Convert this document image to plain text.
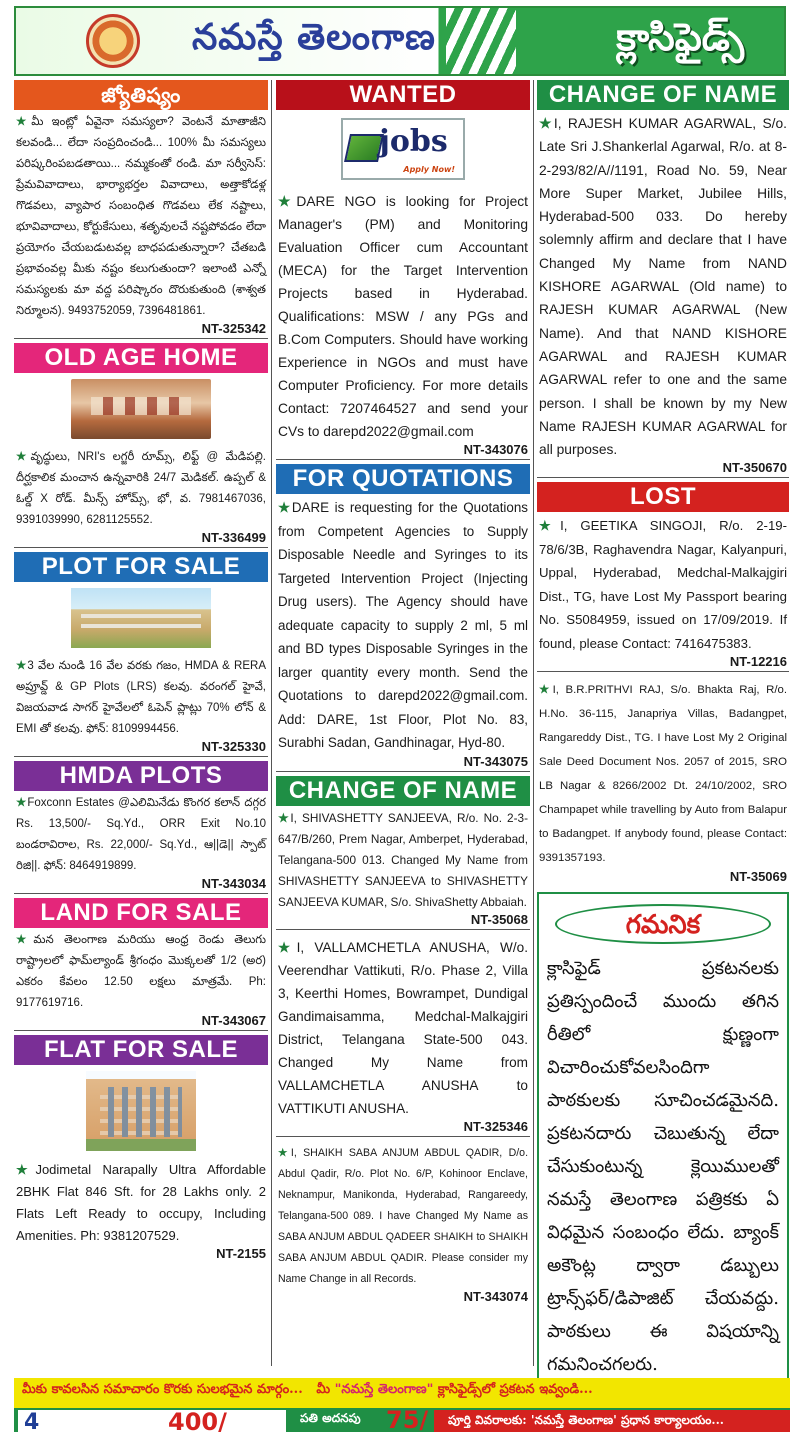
నమస్తే తెలంగాణ	క్లాసిఫైడ్స్
జ్యోతిష్యం
★మీ ఇంట్లో ఏవైనా సమస్యలా? వెంటనే మాతాజీని కలవండి... లేదా సంప్రదించండి... 100% మీ సమస్యలు పరిష్కరింపబడతాయి... నమ్మకంతో రండి. మా సర్వీసెస్: ప్రేమవివాదాలు, భార్యాభర్తల వివాదాలు, అత్తాకోడళ్ల గొడవలు, వ్యాపార సంబంధిత గొడవలు లేక నష్టాలు, భూవివాదాలు, కోర్టుకేసులు, శతృవులచే నష్టపోవడం లేదా ప్రయోగం చేయబడుటవల్ల బాధపడుతున్నారా? చేతబడి ప్రభావంవల్ల మీకు నష్టం కలుగుతుందా? ఇలాంటి ఎన్నో సమస్యలకు మా వద్ద పరిష్కారం దొరుకుతుంది (శాశ్వత నిర్మూలన). 9493752059, 7396481861.
NT-325342
OLD AGE HOME
★వృద్ధులు, NRI's లగ్జరీ రూమ్స్, లిఫ్ట్ @ మేడిపల్లి. దీర్ఘకాలిక మంచాన ఉన్నవారికి 24/7 మెడికల్. ఉప్పల్ & ఓల్డ్ X రోడ్. మీన్స్ హోమ్స్, భో, వ. 7981467036, 9391039990, 6281125552.
NT-336499
PLOT FOR SALE
★3 వేల నుండి 16 వేల వరకు గజం, HMDA & RERA అప్రూవ్డ్ & GP Plots (LRS) కలవు. వరంగల్ హైవే, విజయవాడ సాగర్ హైవేలలో ఓపెన్ ప్లాట్లు 70% లోన్ & EMI తో కలవు. ఫోన్: 8109994456.
NT-325330
HMDA PLOTS
★Foxconn Estates @ఎలిమినేడు కొంగర కలాన్ దగ్గర Rs. 13,500/- Sq.Yd., ORR Exit No.10 బండరావిరాల, Rs. 22,000/- Sq.Yd., ఆ||డె|| స్పాట్ రిజి||. ఫోన్: 8464919899.
NT-343034
LAND FOR SALE
★మన తెలంగాణ మరియు ఆంధ్ర రెండు తెలుగు రాష్ట్రాలలో ఫామ్‌ల్యాండ్ శ్రీగంధం మొక్కలతో 1/2 (అర) ఎకరం కేవలం 12.50 లక్షలు మాత్రమే. Ph: 9177619716.
NT-343067
FLAT FOR SALE
★Jodimetal Narapally Ultra Affordable 2BHK Flat 846 Sft. for 28 Lakhs only. 2 Flats Left Ready to occupy, Including Amenities. Ph: 9381207529.
NT-2155
WANTED
jobs
Apply Now!
★DARE NGO is looking for Project Manager's (PM) and Monitoring Evaluation Officer cum Accountant (MECA) for the Target Intervention Projects based in Hyderabad. Qualifications: MSW / any PGs and B.Com Computers. Should have working Experience in NGOs and must have Computer Proficiency. For more details Contact: 7207464527 and send your CVs to darepd2022@gmail.com
NT-343076
FOR QUOTATIONS
★DARE is requesting for the Quotations from Competent Agencies to Supply Disposable Needle and Syringes to its Targeted Intervention Project (Injecting Drug users). The Agency should have adequate capacity to supply 2 ml, 5 ml and BD types Disposable Syringes in the larger quantity every month. Send the Quotations to darepd2022@gmail.com. Add: DARE, 1st Floor, Plot No. 83, Surabhi Sadan, Gandhinagar, Hyd-80.
NT-343075
CHANGE OF NAME
★I, SHIVASHETTY SANJEEVA, R/o. No. 2-3-647/B/260, Prem Nagar, Amberpet, Hyderabad, Telangana-500 013. Changed My Name from SHIVASHETTY SANJEEVA to SHIVASHETTY SANJEEVA KUMAR, S/o. ShivaShetty Abbaiah.
NT-35068
★I, VALLAMCHETLA ANUSHA, W/o. Veerendhar Vattikuti, R/o. Phase 2, Villa 3, Keerthi Homes, Bowrampet, Dundigal Gandimaisamma, Medchal-Malkajgiri District, Telangana State-500 043. Changed My Name from VALLAMCHETLA ANUSHA to VATTIKUTI ANUSHA.
NT-325346
★I, SHAIKH SABA ANJUM ABDUL QADIR, D/o. Abdul Qadir, R/o. Plot No. 6/P, Kohinoor Enclave, Neknampur, Manikonda, Hyderabad, Rangareedy, Telangana-500 089. I have Changed My Name as SABA ANJUM ABDUL QADEER SHAIKH to SHAIKH SABA ANJUM ABDUL QADIR. Please consider my Name Change in all Records.
NT-343074
CHANGE OF NAME
★I, RAJESH KUMAR AGARWAL, S/o. Late Sri J.Shankerlal Agarwal, R/o. at 8-2-293/82/A//1191, Road No. 59, Near More Super Market, Jubilee Hills, Hyderabad-500 033. Do hereby solemnly affirm and declare that I have Changed My Name from NAND KISHORE AGARWAL (Old name) to RAJESH KUMAR AGARWAL (New Name). And that NAND KISHORE AGARWAL and RAJESH KUMAR AGARWAL refer to one and the same person. I shall be known by my New Name RAJESH KUMAR AGARWAL for all purposes.
NT-350670
LOST
★I, GEETIKA SINGOJI, R/o. 2-19-78/6/3B, Raghavendra Nagar, Kalyanpuri, Uppal, Hyderabad, Medchal-Malkajgiri Dist., TG, have Lost My Passport bearing No. S5084959, issued on 17/09/2019. If found, please Contact: 7416475383.
NT-12216
★I, B.R.PRITHVI RAJ, S/o. Bhakta Raj, R/o. H.No. 36-115, Janapriya Villas, Badangpet, Rangareddy Dist., TG. I have Lost My 2 Original Sale Deed Document Nos. 2057 of 2015, SRO LB Nagar & 8266/2002 Dt. 24/10/2002, SRO Champapet while travelling by Auto from Balapur to Badangpet. If anybody found, please Contact: 9391357193.
NT-35069
గమనిక
క్లాసిఫైడ్ ప్రకటనలకు ప్రతిస్పందించే ముందు తగిన రీతిలో క్షుణ్ణంగా విచారించుకోవలసిందిగా పాఠకులకు సూచించడమైనది. ప్రకటనదారు చెబుతున్న లేదా చేసుకుంటున్న క్లెయిములతో నమస్తే తెలంగాణ పత్రికకు ఏ విధమైన సంబంధం లేదు. బ్యాంక్ అకౌంట్ల ద్వారా డబ్బులు ట్రాన్స్‌ఫర్/డిపాజిట్ చేయవద్దు. పాఠకులు ఈ విషయాన్ని గమనించగలరు.
మీకు కావలసిన సమాచారం కొరకు సులభమైన మార్గం... మీ "నమస్తే తెలంగాణ" క్లాసిఫైడ్స్‌లో ప్రకటన ఇవ్వండి...
4	400/	పతి అదనపు 75/	పూర్తి వివరాలకు: 'నమస్తే తెలంగాణ' ప్రధాన కార్యాలయం...
